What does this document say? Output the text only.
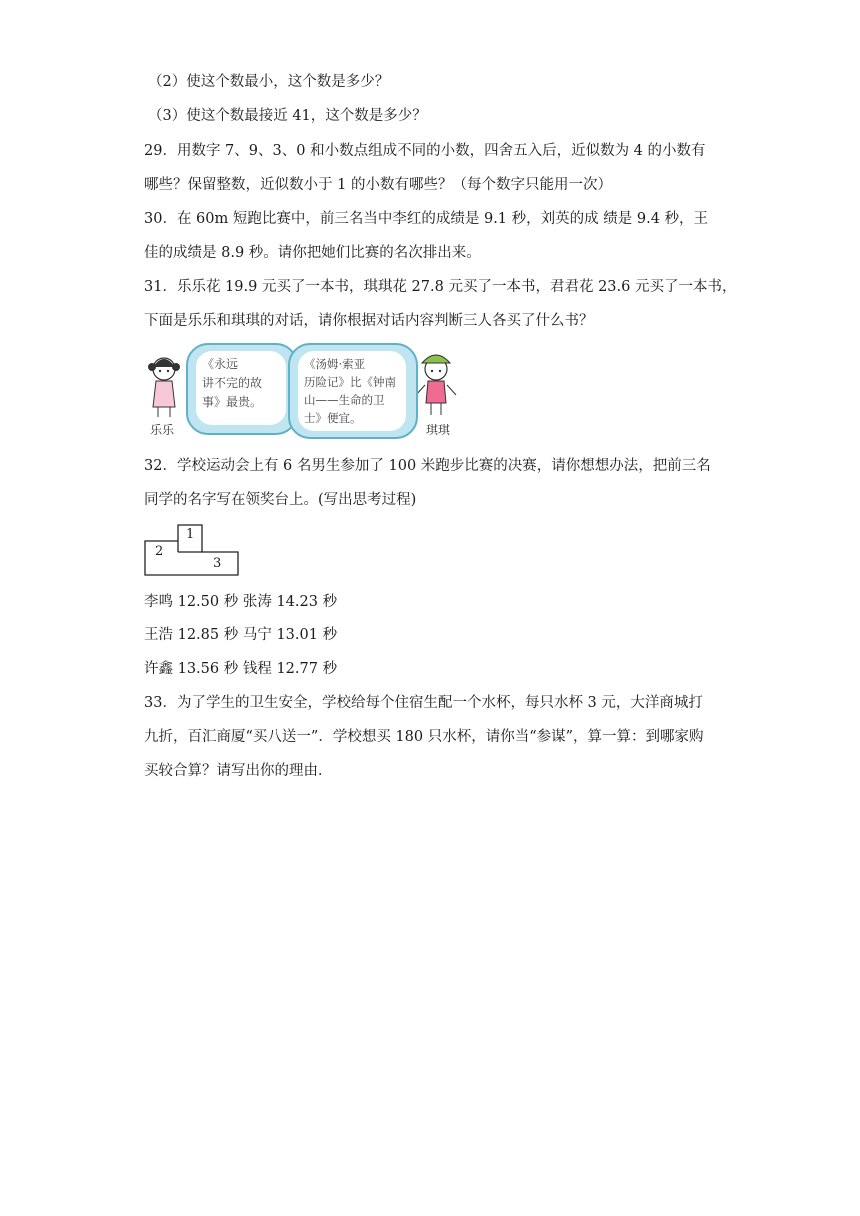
（2）使这个数最小，这个数是多少？
（3）使这个数最接近 41，这个数是多少？
29．用数字 7、9、3、0 和小数点组成不同的小数，四舍五入后，近似数为 4 的小数有
哪些？保留整数，近似数小于 1 的小数有哪些？（每个数字只能用一次）
30．在 60m 短跑比赛中，前三名当中李红的成绩是 9.1 秒，刘英的成 绩是 9.4 秒，王
佳的成绩是 8.9 秒。请你把她们比赛的名次排出来。
31．乐乐花 19.9 元买了一本书，琪琪花 27.8 元买了一本书，君君花 23.6 元买了一本书，
下面是乐乐和琪琪的对话，请你根据对话内容判断三人各买了什么书？
《永远
讲不完的故
事》最贵。
《汤姆·索亚
历险记》比《钟南
山——生命的卫
士》便宜。
乐乐	琪琪
32．学校运动会上有 6 名男生参加了 100 米跑步比赛的决赛，请你想想办法，把前三名
同学的名字写在领奖台上。(写出思考过程)
1
2
3
李鸣 12.50 秒 张涛 14.23 秒
王浩 12.85 秒 马宁 13.01 秒
许鑫 13.56 秒 钱程 12.77 秒
33．为了学生的卫生安全，学校给每个住宿生配一个水杯，每只水杯 3 元，大洋商城打
九折，百汇商厦“买八送一”．学校想买 180 只水杯，请你当“参谋”，算一算：到哪家购
买较合算？请写出你的理由．
